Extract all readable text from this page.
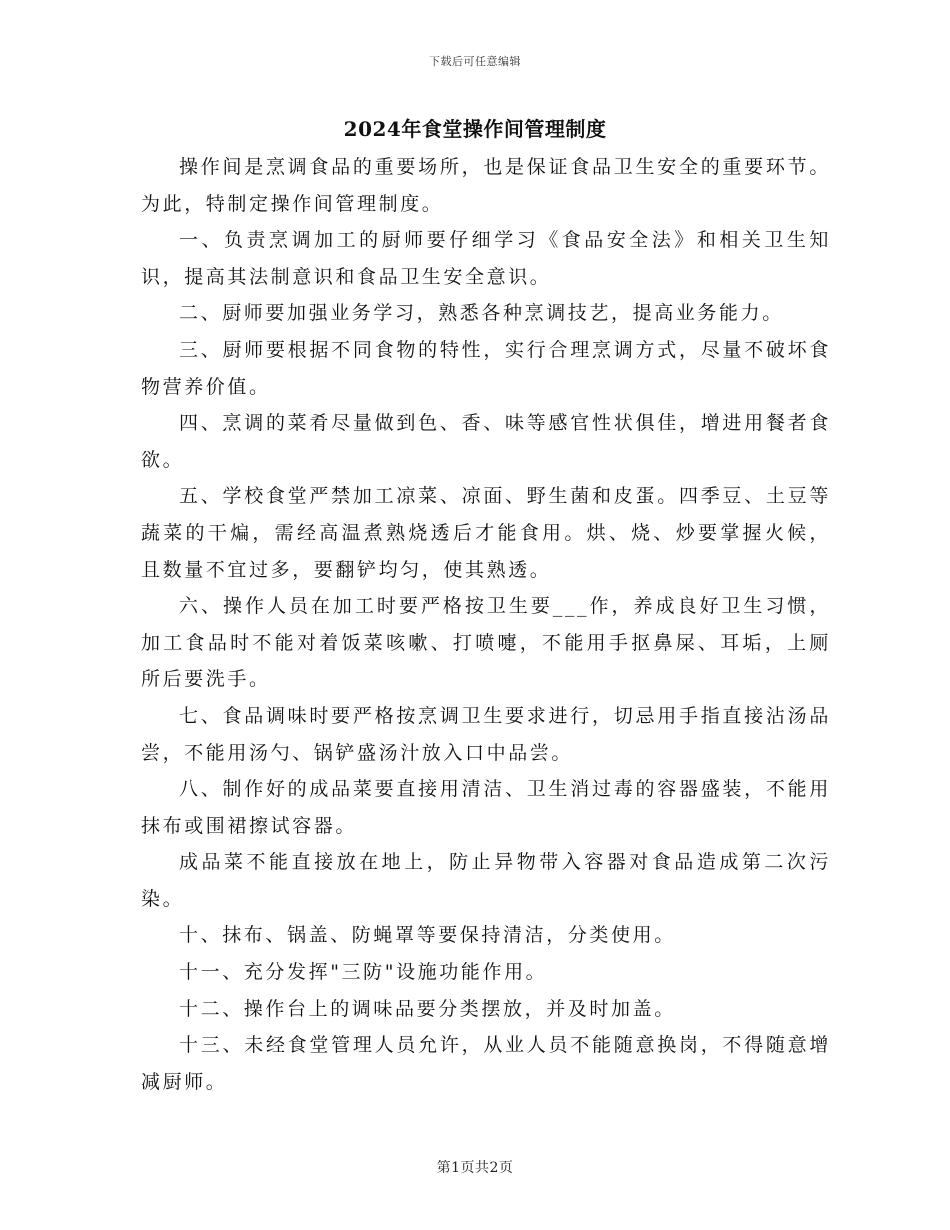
下载后可任意编辑
2024年食堂操作间管理制度

操作间是烹调食品的重要场所，也是保证食品卫生安全的重要环节。为此，特制定操作间管理制度。

一、负责烹调加工的厨师要仔细学习《食品安全法》和相关卫生知识，提高其法制意识和食品卫生安全意识。

二、厨师要加强业务学习，熟悉各种烹调技艺，提高业务能力。

三、厨师要根据不同食物的特性，实行合理烹调方式，尽量不破坏食物营养价值。

四、烹调的菜肴尽量做到色、香、味等感官性状俱佳，增进用餐者食欲。

五、学校食堂严禁加工凉菜、凉面、野生菌和皮蛋。四季豆、土豆等蔬菜的干煸，需经高温煮熟烧透后才能食用。烘、烧、炒要掌握火候，且数量不宜过多，要翻铲均匀，使其熟透。

六、操作人员在加工时要严格按卫生要___作，养成良好卫生习惯，加工食品时不能对着饭菜咳嗽、打喷嚏，不能用手抠鼻屎、耳垢，上厕所后要洗手。

七、食品调味时要严格按烹调卫生要求进行，切忌用手指直接沾汤品尝，不能用汤勺、锅铲盛汤汁放入口中品尝。

八、制作好的成品菜要直接用清洁、卫生消过毒的容器盛装，不能用抹布或围裙擦试容器。

成品菜不能直接放在地上，防止异物带入容器对食品造成第二次污染。

十、抹布、锅盖、防蝇罩等要保持清洁，分类使用。

十一、充分发挥"三防"设施功能作用。

十二、操作台上的调味品要分类摆放，并及时加盖。

十三、未经食堂管理人员允许，从业人员不能随意换岗，不得随意增减厨师。

第1页共2页
